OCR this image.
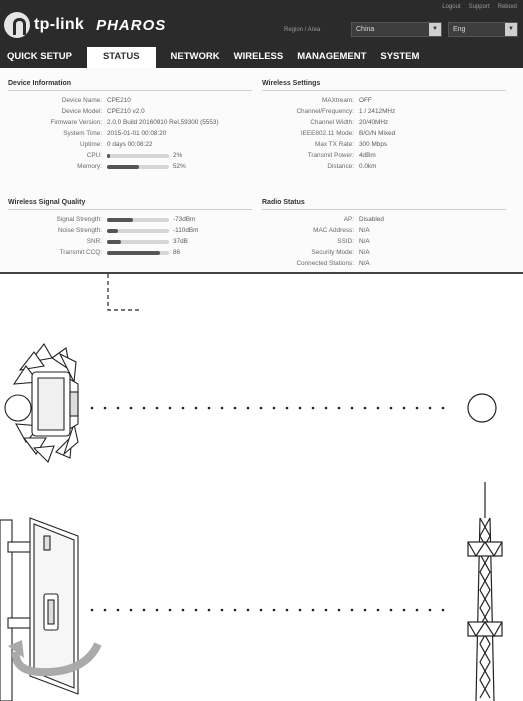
tp-link PHAROS
Logout Support Reboot
Region / Area	China	▼	Eng	▼
QUICK SETUP	STATUS	NETWORK	WIRELESS	MANAGEMENT	SYSTEM
Device Information
Device Name: CPE210
Device Model: CPE210 v2.0
Firmware Version: 2.0.0 Build 20160910 Rel.59300 (5553)
System Time: 2015-01-01 00:08:20
Uptime: 0 days 00:08:22
CPU:	2%
Memory:	52%
Wireless Settings
MAXtream: OFF
Channel/Frequency: 1 / 2412MHz
Channel Width: 20/40MHz
IEEE802.11 Mode: B/G/N Mixed
Max TX Rate: 300 Mbps
Transmit Power: 4dBm
Distance: 0.0km
Wireless Signal Quality
Signal Strength:	-73dBm
Noise Strength:	-110dBm
SNR:	37dB
Transmit CCQ:	86
Radio Status
AP: Disabled
MAC Address: N/A
SSID: N/A
Security Mode: N/A
Connected Stations: N/A
